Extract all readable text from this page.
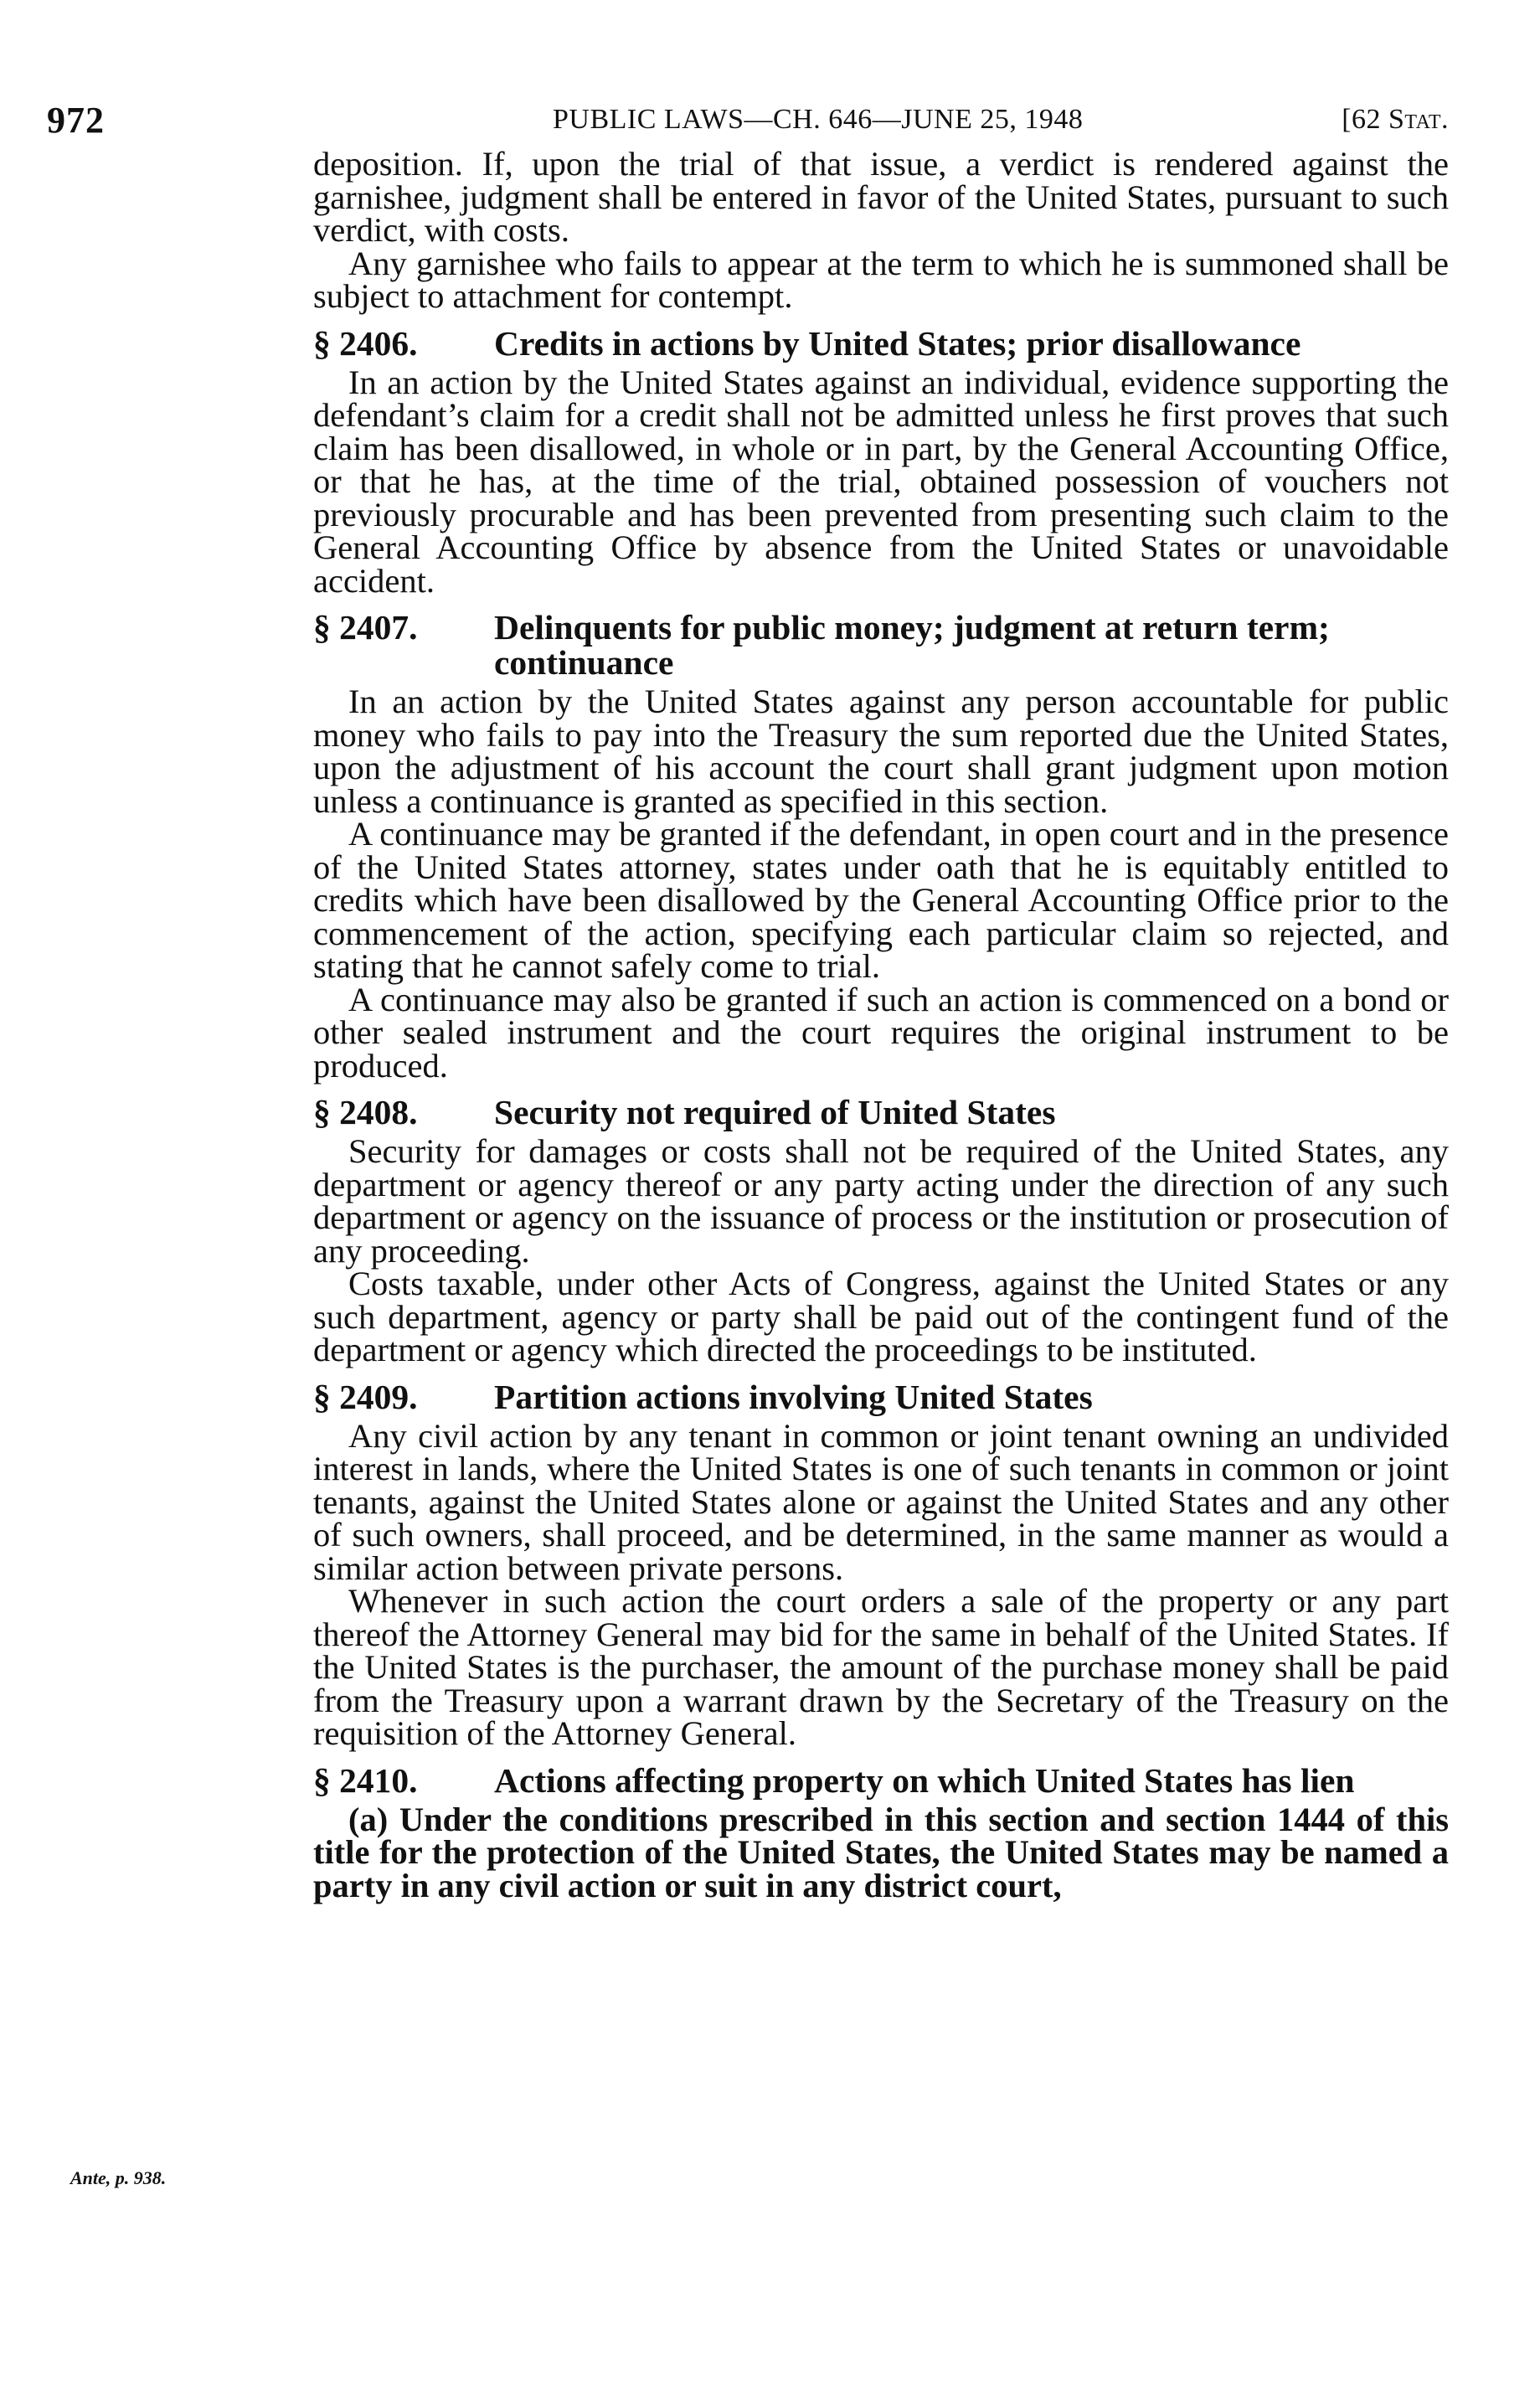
972	PUBLIC LAWS—CH. 646—JUNE 25, 1948	[62 Stat.
Ante, p. 938.

deposition. If, upon the trial of that issue, a verdict is rendered against the garnishee, judgment shall be entered in favor of the United States, pursuant to such verdict, with costs.

Any garnishee who fails to appear at the term to which he is summoned shall be subject to attachment for contempt.

§ 2406. Credits in actions by United States; prior disallowance

In an action by the United States against an individual, evidence supporting the defendant’s claim for a credit shall not be admitted unless he first proves that such claim has been disallowed, in whole or in part, by the General Accounting Office, or that he has, at the time of the trial, obtained possession of vouchers not previously procurable and has been prevented from presenting such claim to the General Accounting Office by absence from the United States or unavoidable accident.

§ 2407. Delinquents for public money; judgment at return term; continuance

In an action by the United States against any person accountable for public money who fails to pay into the Treasury the sum reported due the United States, upon the adjustment of his account the court shall grant judgment upon motion unless a continuance is granted as specified in this section.

A continuance may be granted if the defendant, in open court and in the presence of the United States attorney, states under oath that he is equitably entitled to credits which have been disallowed by the General Accounting Office prior to the commencement of the action, specifying each particular claim so rejected, and stating that he cannot safely come to trial.

A continuance may also be granted if such an action is commenced on a bond or other sealed instrument and the court requires the original instrument to be produced.

§ 2408. Security not required of United States

Security for damages or costs shall not be required of the United States, any department or agency thereof or any party acting under the direction of any such department or agency on the issuance of process or the institution or prosecution of any proceeding.

Costs taxable, under other Acts of Congress, against the United States or any such department, agency or party shall be paid out of the contingent fund of the department or agency which directed the proceedings to be instituted.

§ 2409. Partition actions involving United States

Any civil action by any tenant in common or joint tenant owning an undivided interest in lands, where the United States is one of such tenants in common or joint tenants, against the United States alone or against the United States and any other of such owners, shall proceed, and be determined, in the same manner as would a similar action between private persons.

Whenever in such action the court orders a sale of the property or any part thereof the Attorney General may bid for the same in behalf of the United States. If the United States is the purchaser, the amount of the purchase money shall be paid from the Treasury upon a warrant drawn by the Secretary of the Treasury on the requisition of the Attorney General.

§ 2410. Actions affecting property on which United States has lien

(a) Under the conditions prescribed in this section and section 1444 of this title for the protection of the United States, the United States may be named a party in any civil action or suit in any district court,
